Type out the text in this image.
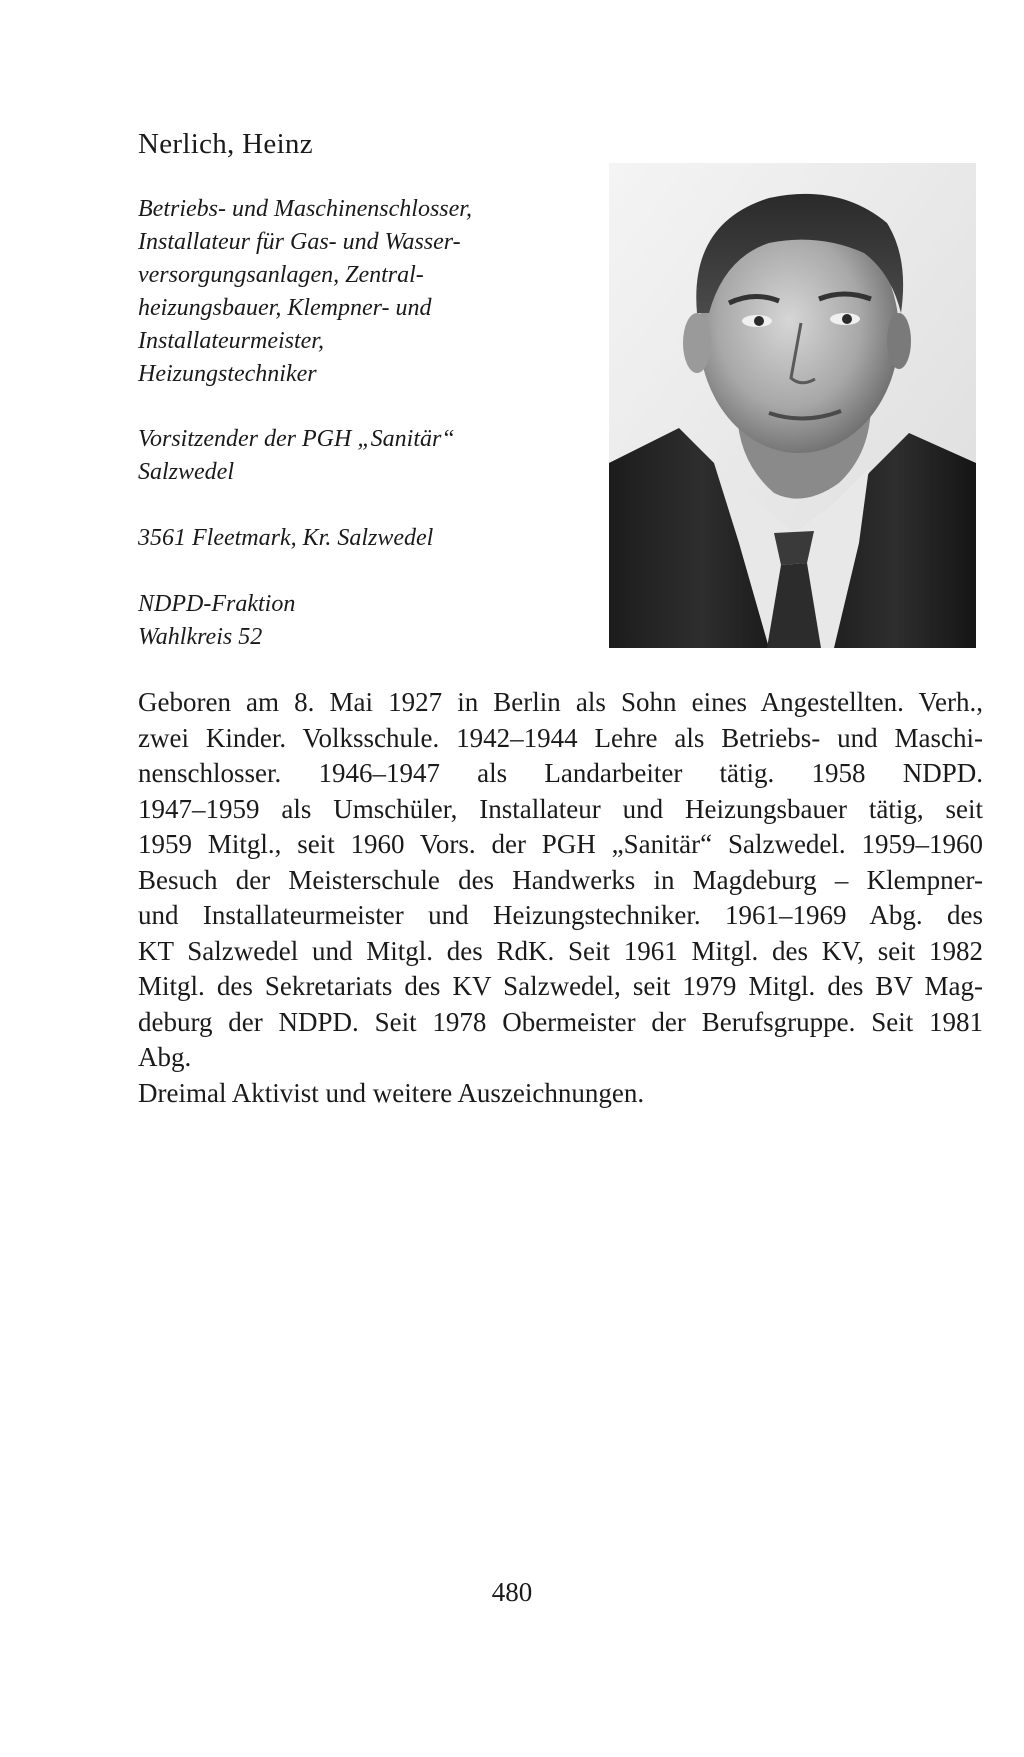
Nerlich, Heinz
Betriebs- und Maschinenschlosser,
Installateur für Gas- und Wasser-
versorgungsanlagen, Zentral-
heizungsbauer, Klempner- und
Installateurmeister,
Heizungstechniker
Vorsitzender der PGH „Sanitär“
Salzwedel
3561 Fleetmark, Kr. Salzwedel
NDPD-Fraktion
Wahlkreis 52
Geboren am 8. Mai 1927 in Berlin als Sohn eines Angestellten. Verh.,
zwei Kinder. Volksschule. 1942–1944 Lehre als Betriebs- und Maschi-
nenschlosser. 1946–1947 als Landarbeiter tätig. 1958 NDPD.
1947–1959 als Umschüler, Installateur und Heizungsbauer tätig, seit
1959 Mitgl., seit 1960 Vors. der PGH „Sanitär“ Salzwedel. 1959–1960
Besuch der Meisterschule des Handwerks in Magdeburg – Klempner-
und Installateurmeister und Heizungstechniker. 1961–1969 Abg. des
KT Salzwedel und Mitgl. des RdK. Seit 1961 Mitgl. des KV, seit 1982
Mitgl. des Sekretariats des KV Salzwedel, seit 1979 Mitgl. des BV Mag-
deburg der NDPD. Seit 1978 Obermeister der Berufsgruppe. Seit 1981
Abg.
Dreimal Aktivist und weitere Auszeichnungen.
480
